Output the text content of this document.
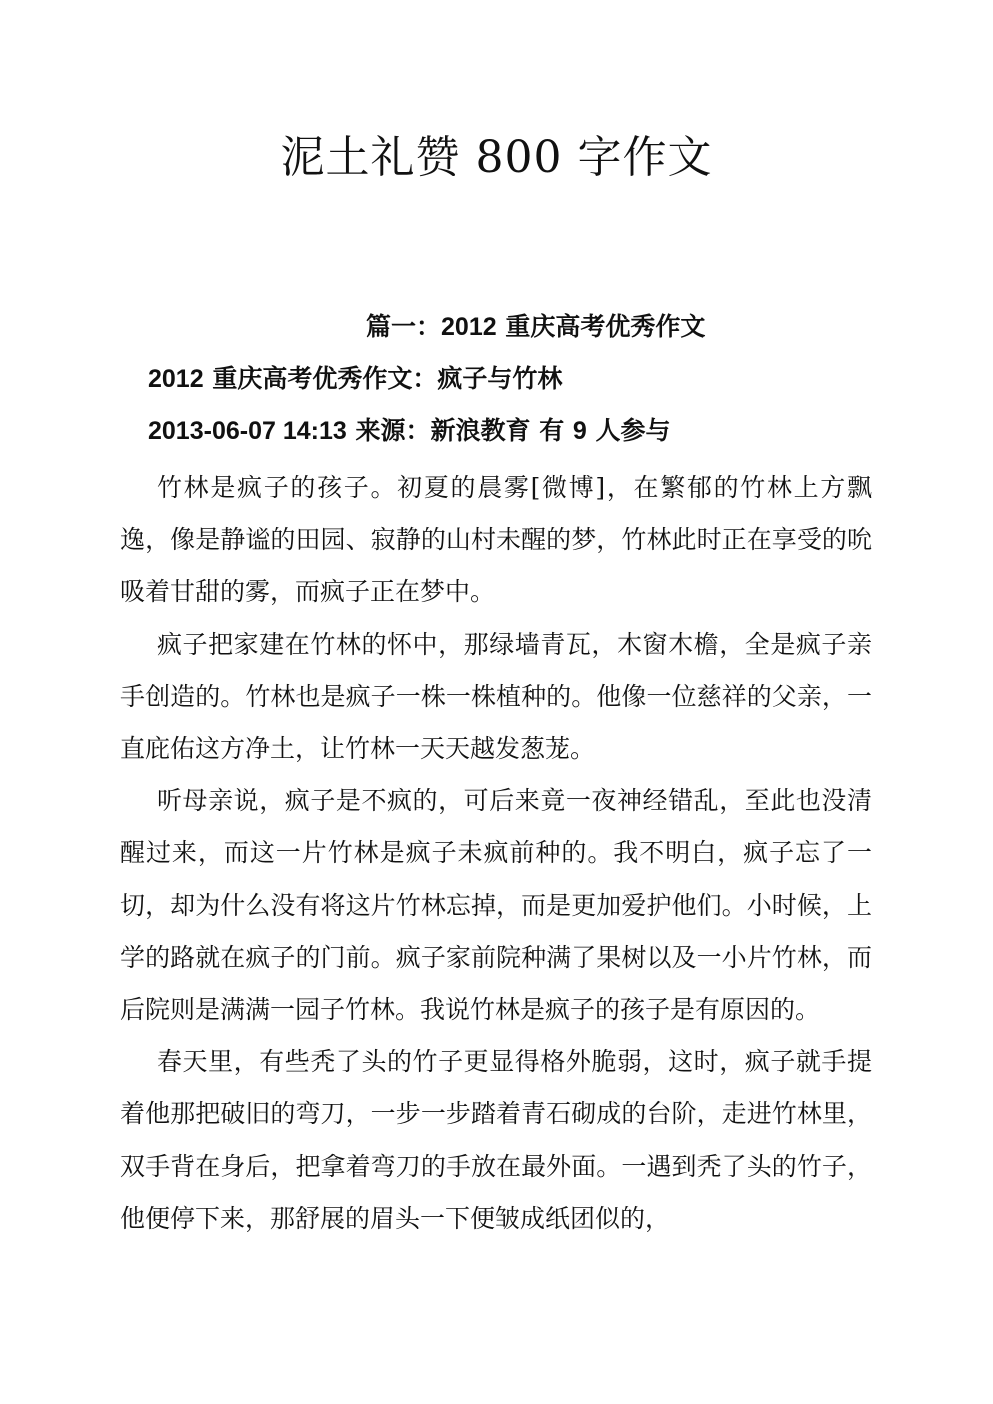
泥土礼赞 800 字作文
篇一：2012 重庆高考优秀作文
2012 重庆高考优秀作文：疯子与竹林
2013-06-07 14:13 来源：新浪教育 有 9 人参与

竹林是疯子的孩子。初夏的晨雾[微博]，在繁郁的竹林上方飘逸，像是静谧的田园、寂静的山村未醒的梦，竹林此时正在享受的吮吸着甘甜的雾，而疯子正在梦中。

疯子把家建在竹林的怀中，那绿墙青瓦，木窗木檐，全是疯子亲手创造的。竹林也是疯子一株一株植种的。他像一位慈祥的父亲，一直庇佑这方净土，让竹林一天天越发葱茏。

听母亲说，疯子是不疯的，可后来竟一夜神经错乱，至此也没清醒过来，而这一片竹林是疯子未疯前种的。我不明白，疯子忘了一切，却为什么没有将这片竹林忘掉，而是更加爱护他们。小时候，上学的路就在疯子的门前。疯子家前院种满了果树以及一小片竹林，而后院则是满满一园子竹林。我说竹林是疯子的孩子是有原因的。

春天里，有些秃了头的竹子更显得格外脆弱，这时，疯子就手提着他那把破旧的弯刀，一步一步踏着青石砌成的台阶，走进竹林里，双手背在身后，把拿着弯刀的手放在最外面。一遇到秃了头的竹子，他便停下来，那舒展的眉头一下便皱成纸团似的，
